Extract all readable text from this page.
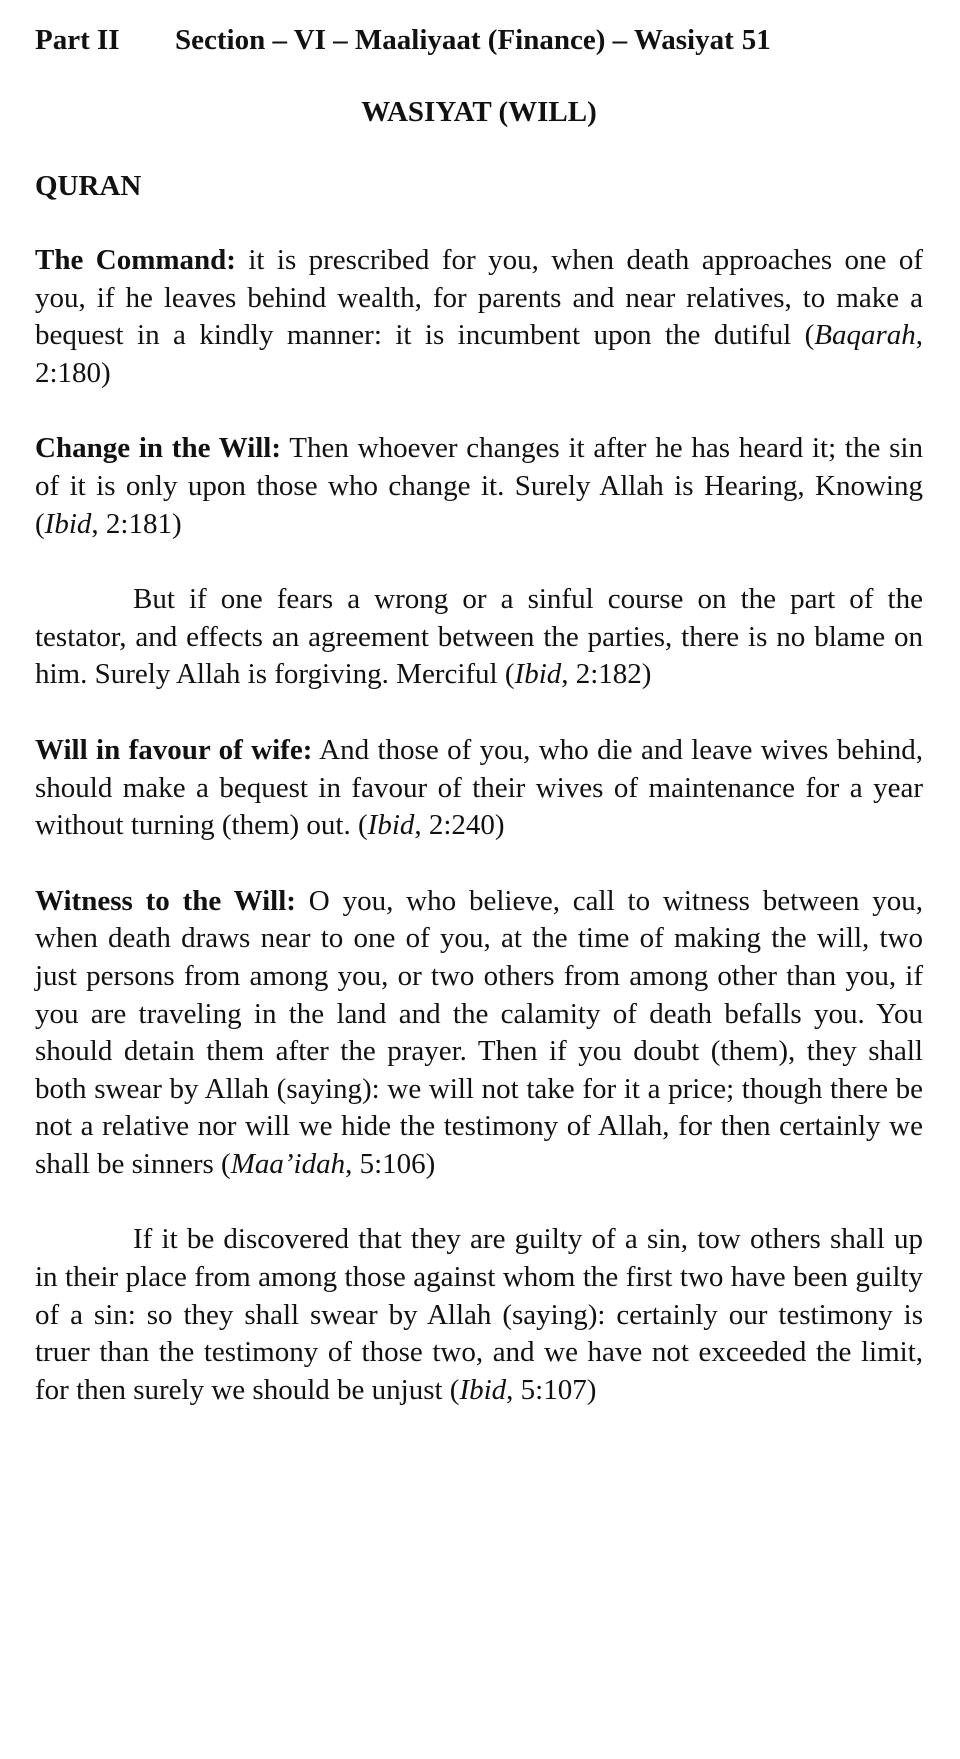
Part II Section – VI – Maaliyaat (Finance) – Wasiyat 51
WASIYAT (WILL)
QURAN

The Command: it is prescribed for you, when death approaches one of you, if he leaves behind wealth, for parents and near relatives, to make a bequest in a kindly manner: it is incumbent upon the dutiful (Baqarah, 2:180)

Change in the Will: Then whoever changes it after he has heard it; the sin of it is only upon those who change it. Surely Allah is Hearing, Knowing (Ibid, 2:181)

But if one fears a wrong or a sinful course on the part of the testator, and effects an agreement between the parties, there is no blame on him. Surely Allah is forgiving. Merciful (Ibid, 2:182)

Will in favour of wife: And those of you, who die and leave wives behind, should make a bequest in favour of their wives of maintenance for a year without turning (them) out. (Ibid, 2:240)

Witness to the Will: O you, who believe, call to witness between you, when death draws near to one of you, at the time of making the will, two just persons from among you, or two others from among other than you, if you are traveling in the land and the calamity of death befalls you. You should detain them after the prayer. Then if you doubt (them), they shall both swear by Allah (saying): we will not take for it a price; though there be not a relative nor will we hide the testimony of Allah, for then certainly we shall be sinners (Maa’idah, 5:106)

If it be discovered that they are guilty of a sin, tow others shall up in their place from among those against whom the first two have been guilty of a sin: so they shall swear by Allah (saying): certainly our testimony is truer than the testimony of those two, and we have not exceeded the limit, for then surely we should be unjust (Ibid, 5:107)
